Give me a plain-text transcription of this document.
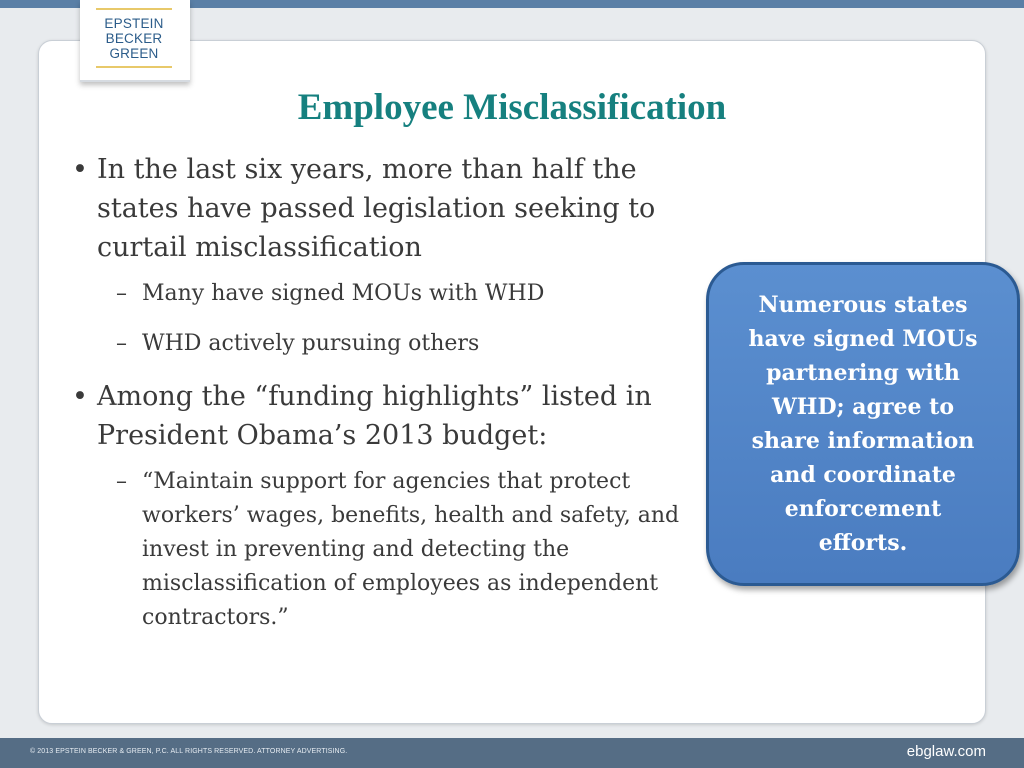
EPSTEIN
BECKER
GREEN
Employee Misclassification
• In the last six years, more than half the states have passed legislation seeking to curtail misclassification
– Many have signed MOUs with WHD
– WHD actively pursuing others
• Among the “funding highlights” listed in President Obama’s 2013 budget:
– “Maintain support for agencies that protect workers’ wages, benefits, health and safety, and invest in preventing and detecting the misclassification of employees as independent contractors.”
Numerous states have signed MOUs partnering with WHD; agree to share information and coordinate enforcement efforts.
© 2013 EPSTEIN BECKER & GREEN, P.C. ALL RIGHTS RESERVED. ATTORNEY ADVERTISING.	ebglaw.com
